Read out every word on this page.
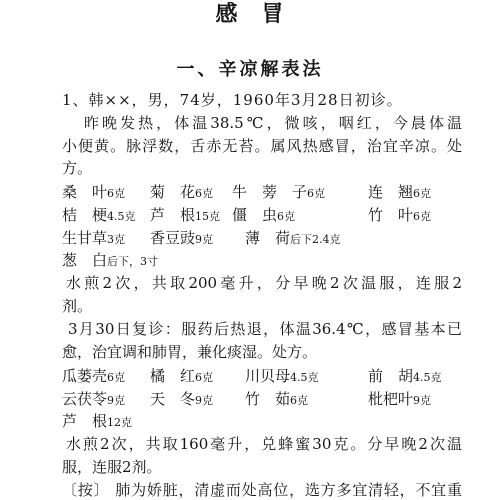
感　冒
一、辛凉解表法
1、韩××，男，74岁，1960年3月28日初诊。
昨晚发热，体温38.5℃，微咳，咽红，今晨体温
小便黄。脉浮数，舌赤无苔。属风热感冒，治宜辛凉。处
方。
桑　叶6克 菊　花6克 牛　蒡　子6克	连　翘6克
桔　梗4.5克 芦　根15克 僵　虫6克	竹　叶6克
生甘草3克 香豆豉9克 薄　荷后下2.4克
葱　白后下，3寸
水煎2次，共取200毫升，分早晚2次温服，连服2
剂。
3月30日复诊：服药后热退，体温36.4℃，感冒基本已
愈，治宜调和肺胃，兼化痰湿。处方。
瓜蒌壳6克 橘　红6克 川贝母4.5克	前　胡4.5克
云茯苓9克 天　冬9克 竹　茹6克	枇杷叶9克
芦　根12克
水煎2次，共取160毫升，兑蜂蜜30克。分早晚2次温
服，连服2剂。
〔按〕 肺为娇脏，清虚而处高位，选方多宜清轻，不宜重
